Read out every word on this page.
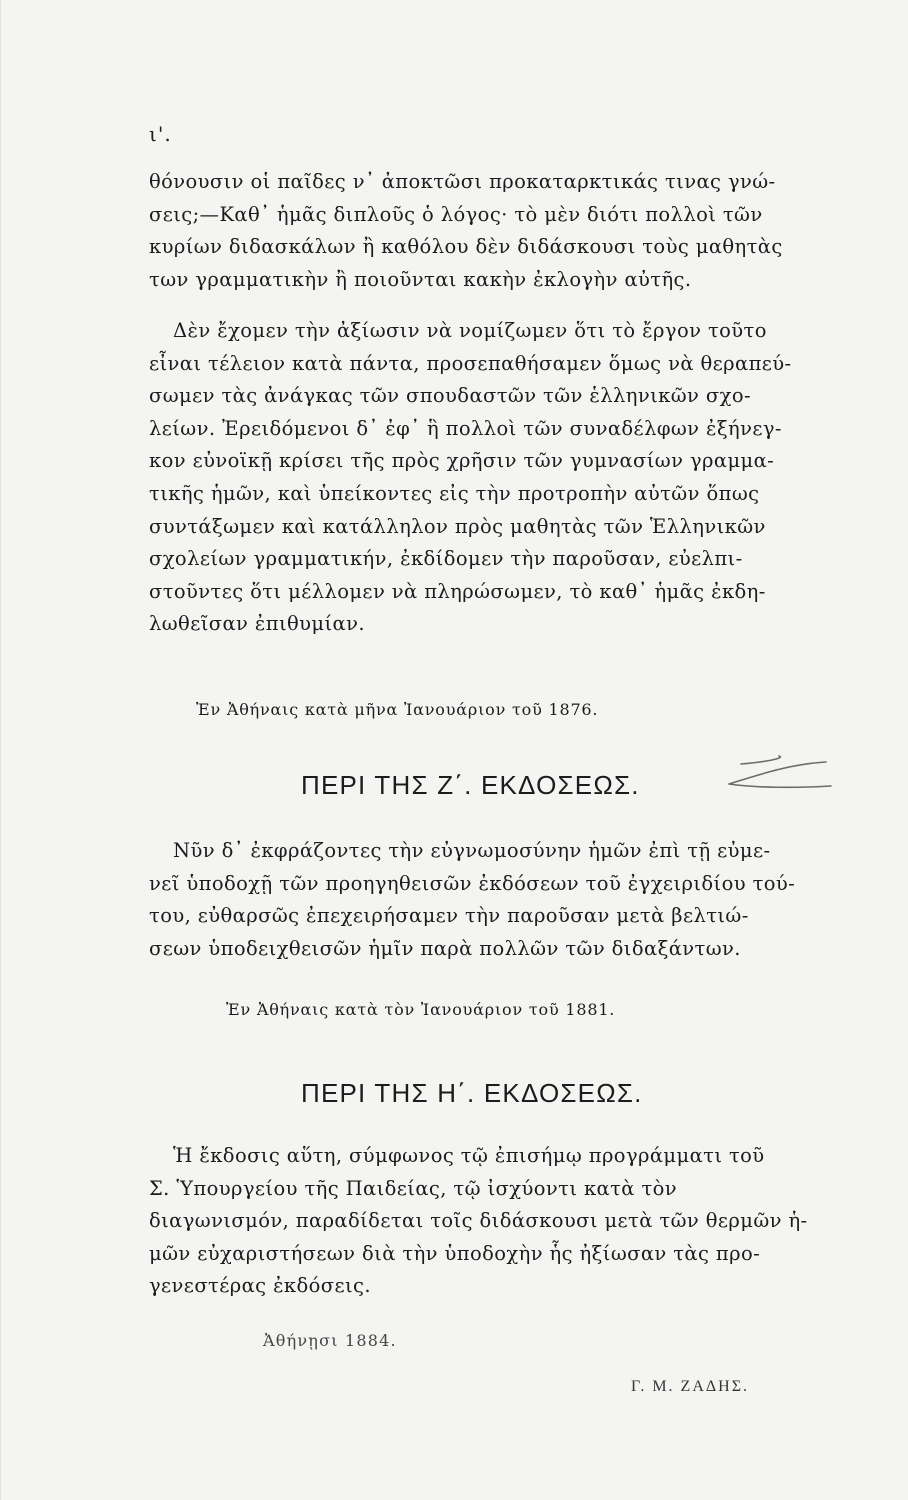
ι'.
θόνουσιν οἱ παῖδες ν᾽ ἀποκτῶσι προκαταρκτικάς τινας γνώ-
σεις;—Καθ᾽ ἡμᾶς διπλοῦς ὁ λόγος· τὸ μὲν διότι πολλοὶ τῶν
κυρίων διδασκάλων ἢ καθόλου δὲν διδάσκουσι τοὺς μαθητὰς
των γραμματικὴν ἢ ποιοῦνται κακὴν ἐκλογὴν αὐτῆς.
Δὲν ἔχομεν τὴν ἀξίωσιν νὰ νομίζωμεν ὅτι τὸ ἔργον τοῦτο
εἶναι τέλειον κατὰ πάντα, προσεπαθήσαμεν ὅμως νὰ θεραπεύ-
σωμεν τὰς ἀνάγκας τῶν σπουδαστῶν τῶν ἑλληνικῶν σχο-
λείων. Ἐρειδόμενοι δ᾽ ἐφ᾽ ἣ πολλοὶ τῶν συναδέλφων ἐξήνεγ-
κον εὐνοϊκῇ κρίσει τῆς πρὸς χρῆσιν τῶν γυμνασίων γραμμα-
τικῆς ἡμῶν, καὶ ὑπείκοντες εἰς τὴν προτροπὴν αὐτῶν ὅπως
συντάξωμεν καὶ κατάλληλον πρὸς μαθητὰς τῶν Ἑλληνικῶν
σχολείων γραμματικήν, ἐκδίδομεν τὴν παροῦσαν, εὐελπι-
στοῦντες ὅτι μέλλομεν νὰ πληρώσωμεν, τὸ καθ᾽ ἡμᾶς ἐκδη-
λωθεῖσαν ἐπιθυμίαν.
Ἐν Ἀθήναις κατὰ μῆνα Ἰανουάριον τοῦ 1876.
ΠΕΡΙ ΤΗΣ Ζ΄. ΕΚΔΟΣΕΩΣ.
Νῦν δ᾽ ἐκφράζοντες τὴν εὐγνωμοσύνην ἡμῶν ἐπὶ τῇ εὐμε-
νεῖ ὑποδοχῇ τῶν προηγηθεισῶν ἐκδόσεων τοῦ ἐγχειριδίου τού-
του, εὐθαρσῶς ἐπεχειρήσαμεν τὴν παροῦσαν μετὰ βελτιώ-
σεων ὑποδειχθεισῶν ἡμῖν παρὰ πολλῶν τῶν διδαξάντων.
Ἐν Ἀθήναις κατὰ τὸν Ἰανουάριον τοῦ 1881.
ΠΕΡΙ ΤΗΣ Η΄. ΕΚΔΟΣΕΩΣ.
Ἡ ἔκδοσις αὕτη, σύμφωνος τῷ ἐπισήμῳ προγράμματι τοῦ
Σ. Ὑπουργείου τῆς Παιδείας, τῷ ἰσχύοντι κατὰ τὸν
διαγωνισμόν, παραδίδεται τοῖς διδάσκουσι μετὰ τῶν θερμῶν ἡ-
μῶν εὐχαριστήσεων διὰ τὴν ὑποδοχὴν ἧς ἠξίωσαν τὰς προ-
γενεστέρας ἐκδόσεις.
Ἀθήνῃσι 1884.
Γ. Μ. ΖΑΔΗΣ.
